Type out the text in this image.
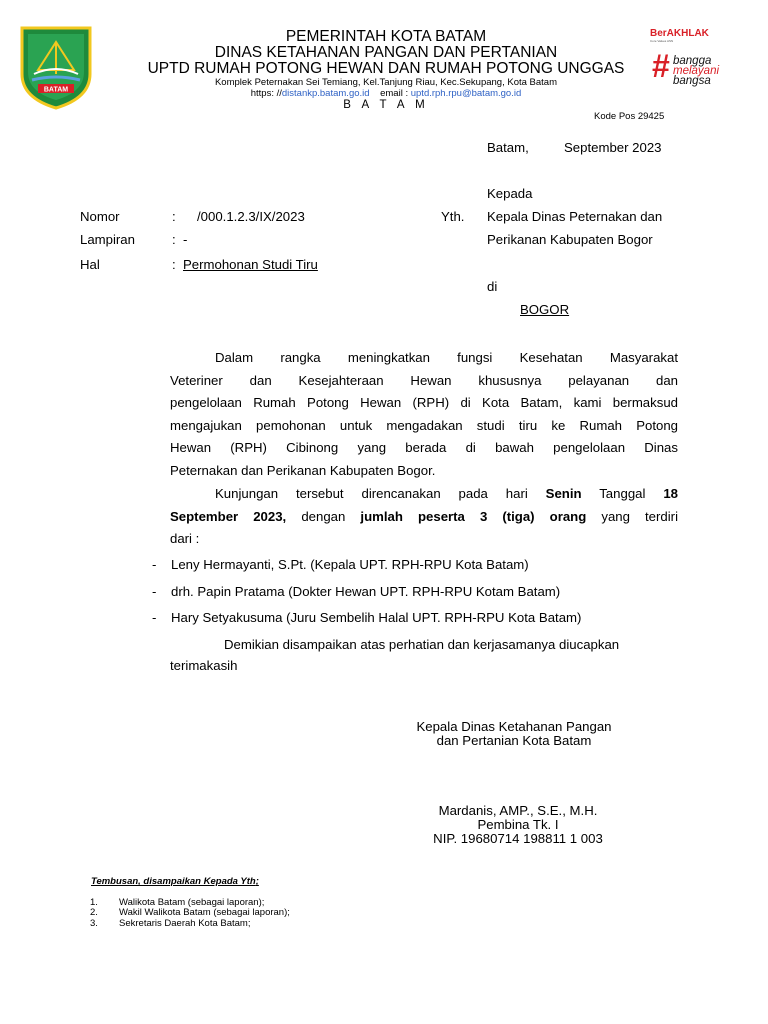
BATAM
PEMERINTAH KOTA BATAM
DINAS KETAHANAN PANGAN DAN PERTANIAN
UPTD RUMAH POTONG HEWAN DAN RUMAH POTONG UNGGAS
Komplek Peternakan Sei Temiang, Kel.Tanjung Riau, Kec.Sekupang, Kota Batam
https: //distankp.batam.go.id email : uptd.rph.rpu@batam.go.id
B A T A M
BerAKHLAK
Core Values ASN
# bangga
melayani
bangsa
Kode Pos 29425
Batam,	September 2023
Kepada
Yth. Kepala Dinas Peternakan dan
Perikanan Kabupaten Bogor
di
BOGOR
Nomor	: /000.1.2.3/IX/2023
Lampiran	: -
Hal	: Permohonan Studi Tiru
Dalam rangka meningkatkan fungsi Kesehatan Masyarakat
Veteriner dan Kesejahteraan Hewan khususnya pelayanan dan
pengelolaan Rumah Potong Hewan (RPH) di Kota Batam, kami bermaksud
mengajukan pemohonan untuk mengadakan studi tiru ke Rumah Potong
Hewan (RPH) Cibinong yang berada di bawah pengelolaan Dinas
Peternakan dan Perikanan Kabupaten Bogor.
Kunjungan tersebut direncanakan pada hari Senin Tanggal 18
September 2023, dengan jumlah peserta 3 (tiga) orang yang terdiri
dari :
- Leny Hermayanti, S.Pt. (Kepala UPT. RPH-RPU Kota Batam)
- drh. Papin Pratama (Dokter Hewan UPT. RPH-RPU Kotam Batam)
- Hary Setyakusuma (Juru Sembelih Halal UPT. RPH-RPU Kota Batam)
Demikian disampaikan atas perhatian dan kerjasamanya diucapkan
terimakasih
Kepala Dinas Ketahanan Pangan
dan Pertanian Kota Batam
Mardanis, AMP., S.E., M.H.
Pembina Tk. I
NIP. 19680714 198811 1 003
Tembusan, disampaikan Kepada Yth;
1. Walikota Batam (sebagai laporan);
2. Wakil Walikota Batam (sebagai laporan);
3. Sekretaris Daerah Kota Batam;
